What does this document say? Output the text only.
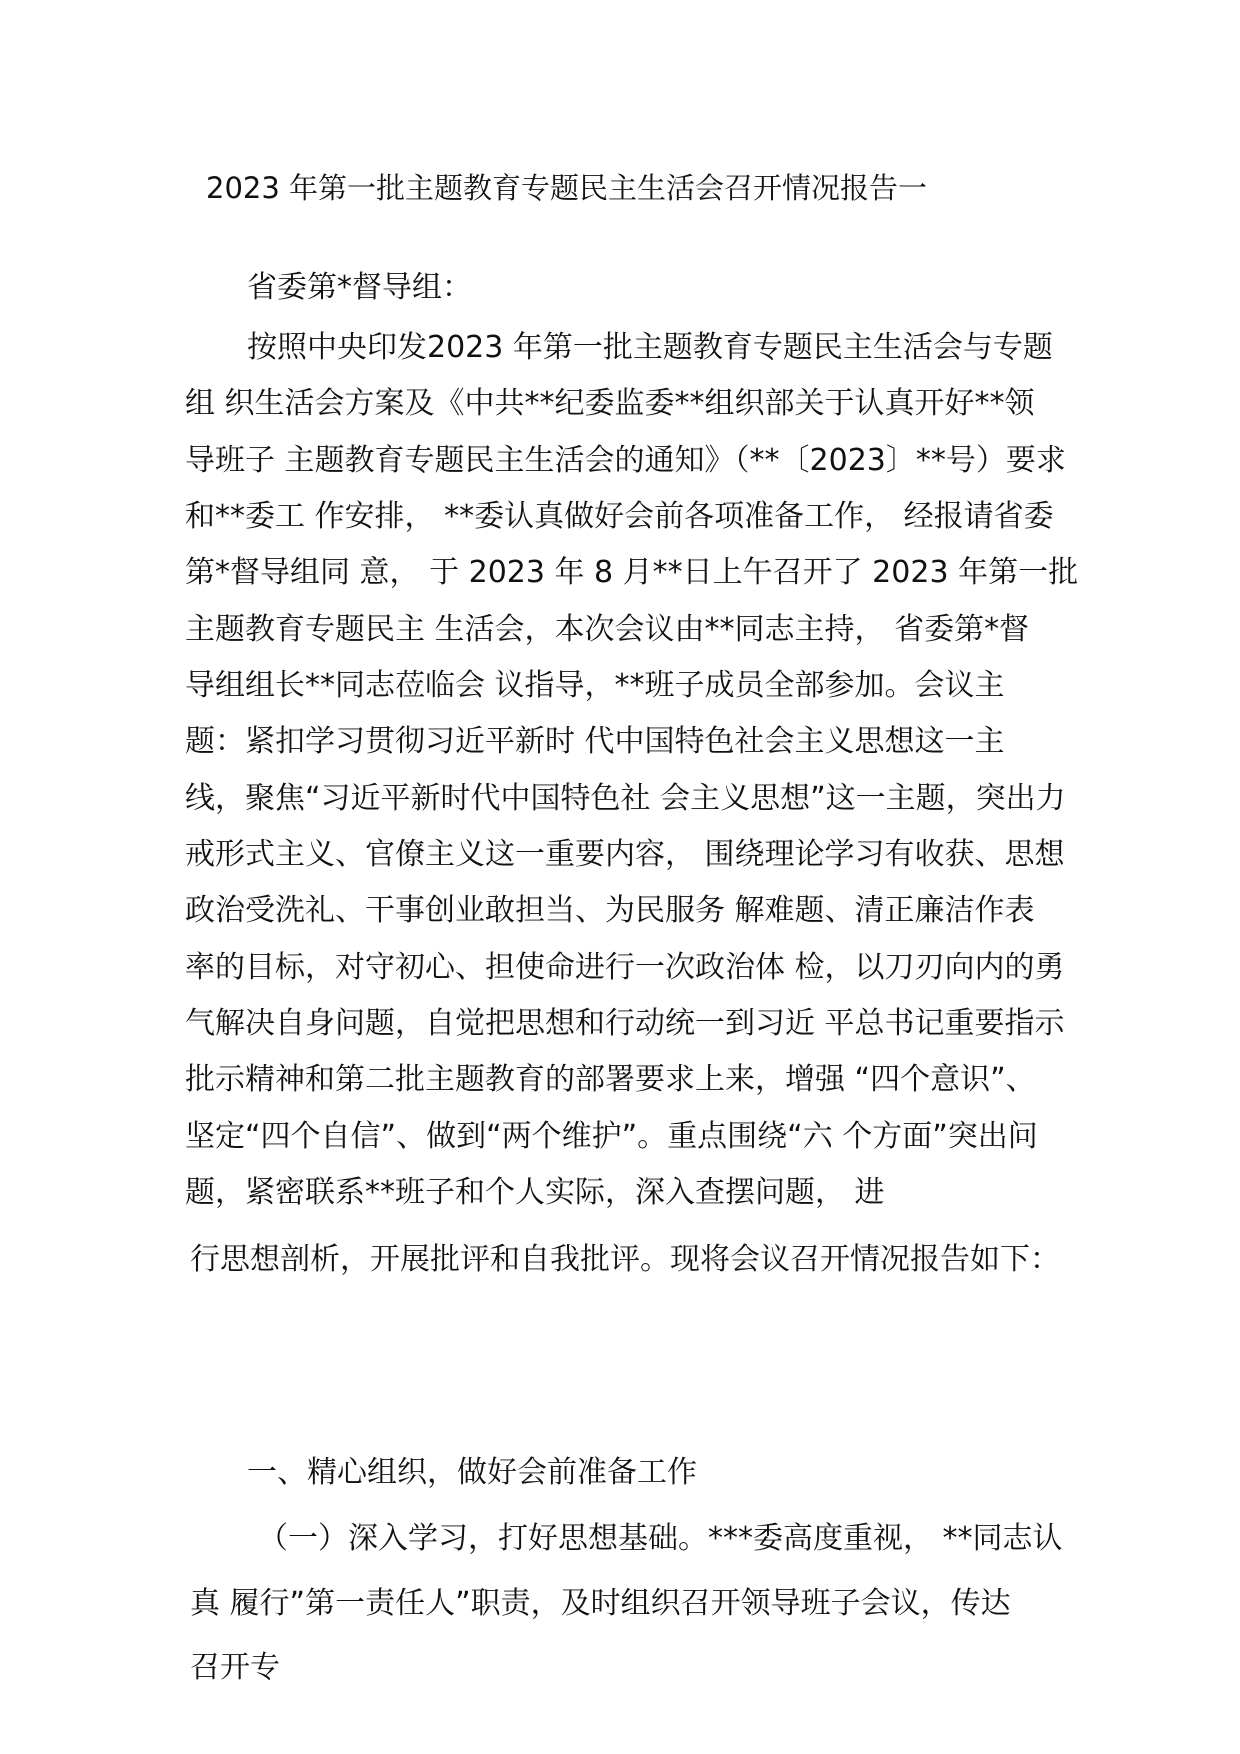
2023 年第一批主题教育专题民主生活会召开情况报告一
省委第*督导组：
按照中央印发2023 年第一批主题教育专题民主生活会与专题
组 织生活会方案及《中共**纪委监委**组织部关于认真开好**领
导班子 主题教育专题民主生活会的通知》（**〔2023〕**号）要求
和**委工 作安排， **委认真做好会前各项准备工作， 经报请省委
第*督导组同 意， 于 2023 年 8 月**日上午召开了 2023 年第一批
主题教育专题民主 生活会，本次会议由**同志主持， 省委第*督
导组组长**同志莅临会 议指导，**班子成员全部参加。会议主
题：紧扣学习贯彻习近平新时 代中国特色社会主义思想这一主
线，聚焦“习近平新时代中国特色社 会主义思想”这一主题，突出力
戒形式主义、官僚主义这一重要内容， 围绕理论学习有收获、思想
政治受洗礼、干事创业敢担当、为民服务 解难题、清正廉洁作表
率的目标，对守初心、担使命进行一次政治体 检，以刀刃向内的勇
气解决自身问题，自觉把思想和行动统一到习近 平总书记重要指示
批示精神和第二批主题教育的部署要求上来，增强 “四个意识”、
坚定“四个自信”、做到“两个维护”。重点围绕“六 个方面”突出问
题，紧密联系**班子和个人实际，深入查摆问题， 进
行思想剖析，开展批评和自我批评。现将会议召开情况报告如下：
一、精心组织，做好会前准备工作
（一）深入学习，打好思想基础。***委高度重视， **同志认
真 履行”第一责任人”职责，及时组织召开领导班子会议，传达
召开专
